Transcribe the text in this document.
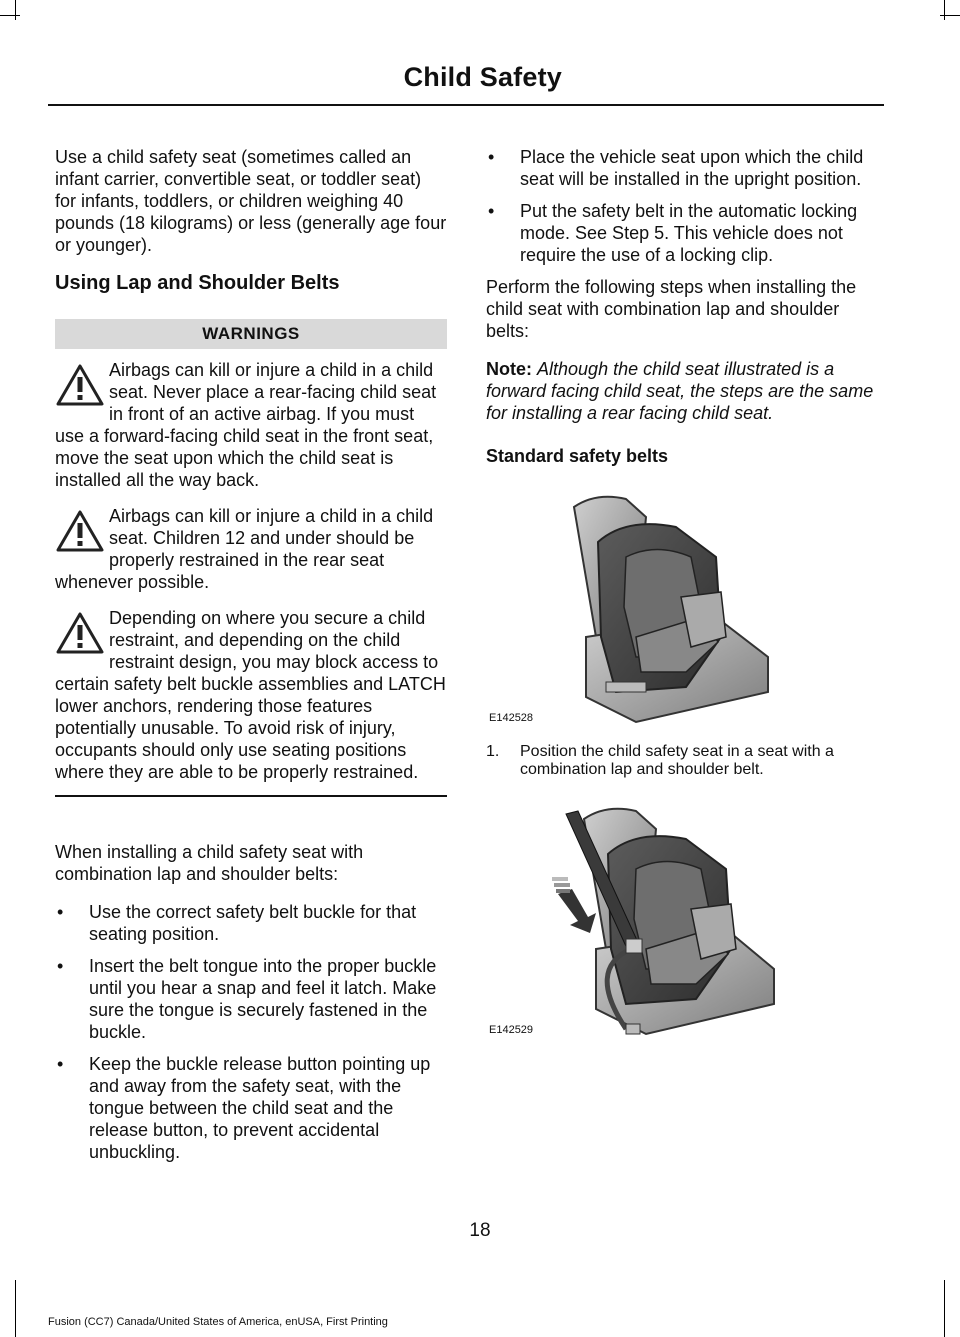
Child Safety

Use a child safety seat (sometimes called an infant carrier, convertible seat, or toddler seat) for infants, toddlers, or children weighing 40 pounds (18 kilograms) or less (generally age four or younger).

Using Lap and Shoulder Belts
WARNINGS
Airbags can kill or injure a child in a child seat. Never place a rear-facing child seat in front of an active airbag. If you must use a forward-facing child seat in the front seat, move the seat upon which the child seat is installed all the way back.
Airbags can kill or injure a child in a child seat. Children 12 and under should be properly restrained in the rear seat whenever possible.
Depending on where you secure a child restraint, and depending on the child restraint design, you may block access to certain safety belt buckle assemblies and LATCH lower anchors, rendering those features potentially unusable. To avoid risk of injury, occupants should only use seating positions where they are able to be properly restrained.

When installing a child safety seat with combination lap and shoulder belts:

• Use the correct safety belt buckle for that seating position.
• Insert the belt tongue into the proper buckle until you hear a snap and feel it latch. Make sure the tongue is securely fastened in the buckle.
• Keep the buckle release button pointing up and away from the safety seat, with the tongue between the child seat and the release button, to prevent accidental unbuckling.
• Place the vehicle seat upon which the child seat will be installed in the upright position.
• Put the safety belt in the automatic locking mode. See Step 5. This vehicle does not require the use of a locking clip.

Perform the following steps when installing the child seat with combination lap and shoulder belts:

Note: Although the child seat illustrated is a forward facing child seat, the steps are the same for installing a rear facing child seat.

Standard safety belts
E142528
1. Position the child safety seat in a seat with a combination lap and shoulder belt.
E142529
18
Fusion (CC7) Canada/United States of America, enUSA, First Printing
